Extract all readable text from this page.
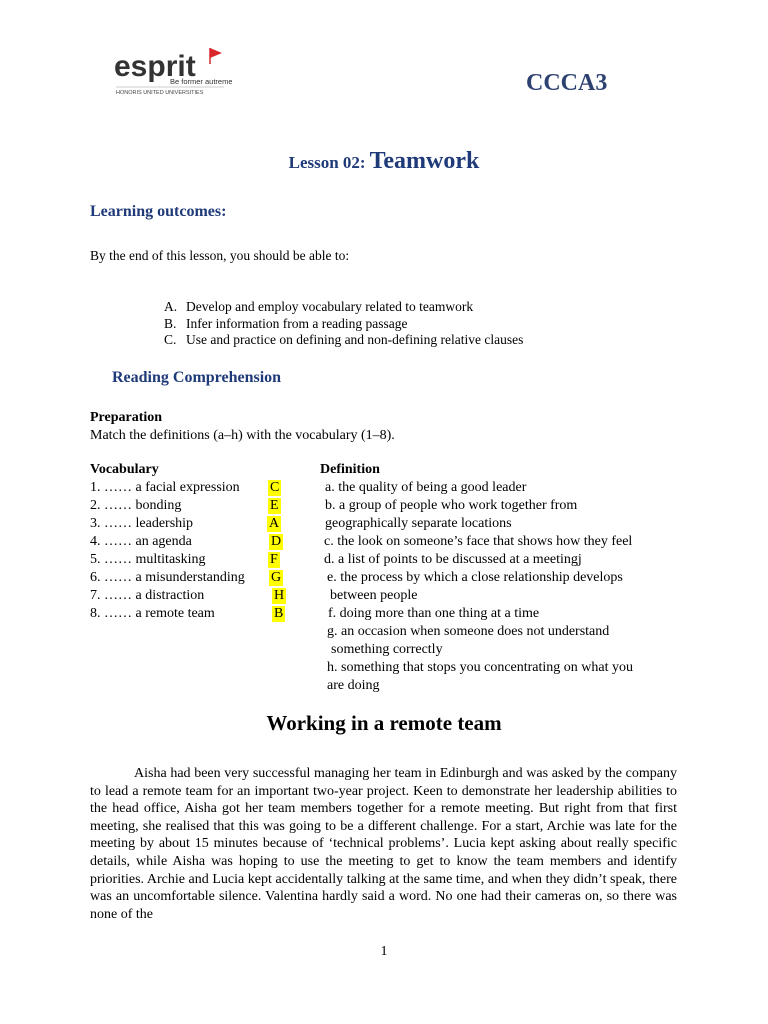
esprit
Be former autrement
HONORIS UNITED UNIVERSITIES	CCCA3
Lesson 02: Teamwork
Learning outcomes:
By the end of this lesson, you should be able to:
A. Develop and employ vocabulary related to teamwork
B. Infer information from a reading passage
C. Use and practice on defining and non-defining relative clauses
Reading Comprehension
Preparation
Match the definitions (a–h) with the vocabulary (1–8).
Vocabulary
1. …… a facial expression
2. …… bonding
3. …… leadership
4. …… an agenda
5. …… multitasking
6. …… a misunderstanding
7. …… a distraction
8. …… a remote team
C
E
A
D
F
G
H
B
Definition
a. the quality of being a good leader
b. a group of people who work together from
geographically separate locations
c. the look on someone’s face that shows how they feel
d. a list of points to be discussed at a meetingj
e. the process by which a close relationship develops
between people
f. doing more than one thing at a time
g. an occasion when someone does not understand
something correctly
h. something that stops you concentrating on what you
are doing
Working in a remote team

Aisha had been very successful managing her team in Edinburgh and was asked by the company to lead a remote team for an important two-year project. Keen to demonstrate her leadership abilities to the head office, Aisha got her team members together for a remote meeting. But right from that first meeting, she realised that this was going to be a different challenge. For a start, Archie was late for the meeting by about 15 minutes because of ‘technical problems’. Lucia kept asking about really specific details, while Aisha was hoping to use the meeting to get to know the team members and identify priorities. Archie and Lucia kept accidentally talking at the same time, and when they didn’t speak, there was an uncomfortable silence. Valentina hardly said a word. No one had their cameras on, so there was none of the

1
